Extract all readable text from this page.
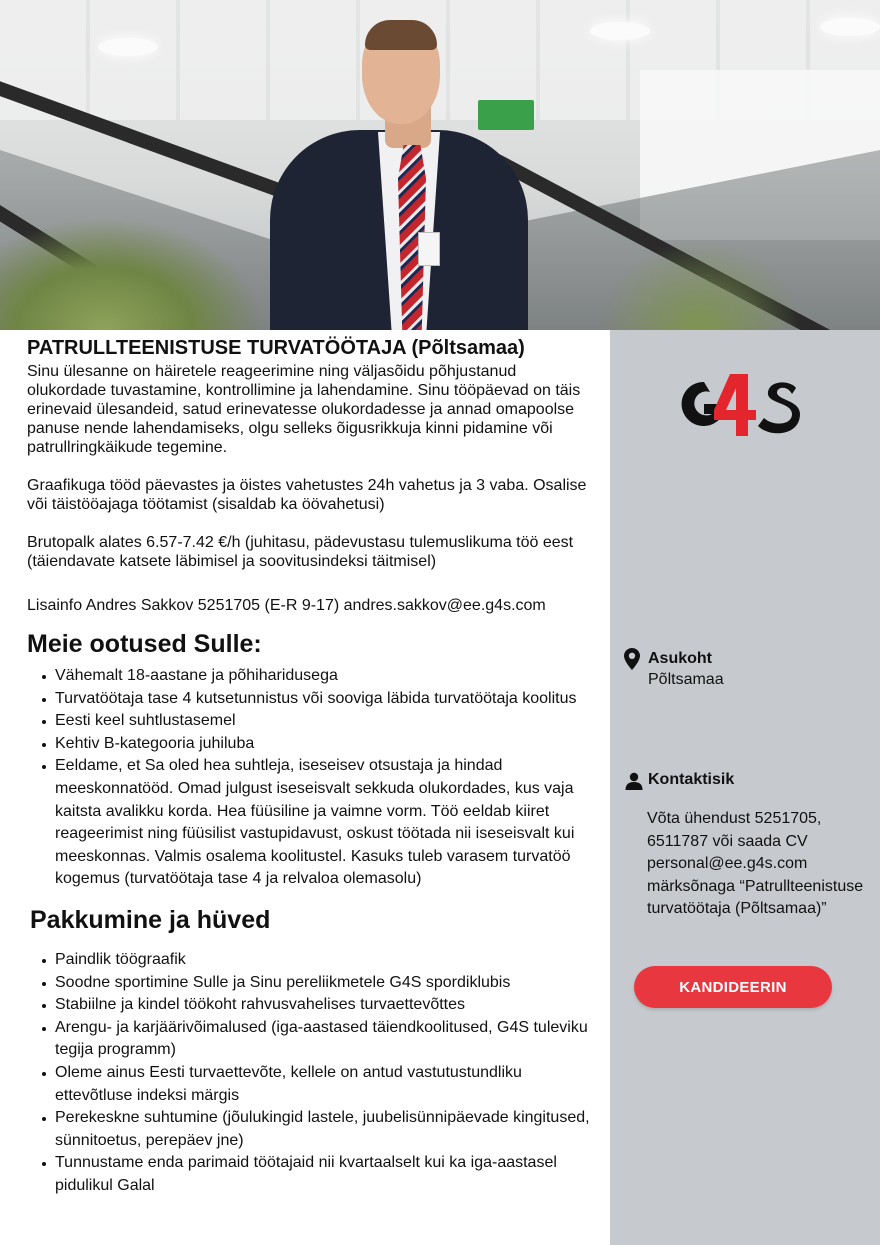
Asukoht
Põltsamaa
Kontaktisik
Võta ühendust 5251705, 6511787 või saada CV personal@ee.g4s.com märksõnaga “Patrullteenistuse turvatöötaja (Põltsamaa)”
KANDIDEERIN
PATRULLTEENISTUSE TURVATÖÖTAJA (Põltsamaa)
Sinu ülesanne on häiretele reageerimine ning väljasõidu põhjustanud olukordade tuvastamine, kontrollimine ja lahendamine. Sinu tööpäevad on täis erinevaid ülesandeid, satud erinevatesse olukordadesse ja annad omapoolse panuse nende lahendamiseks, olgu selleks õigusrikkuja kinni pidamine või patrullringkäikude tegemine.
Graafikuga tööd päevastes ja öistes vahetustes 24h vahetus ja 3 vaba. Osalise või täistööajaga töötamist (sisaldab ka öövahetusi)
Brutopalk alates 6.57-7.42 €/h (juhitasu, pädevustasu tulemuslikuma töö eest (täiendavate katsete läbimisel ja soovitusindeksi täitmisel)
Lisainfo Andres Sakkov 5251705 (E-R 9-17) andres.sakkov@ee.g4s.com
Meie ootused Sulle:
Vähemalt 18-aastane ja põhiharidusega
Turvatöötaja tase 4 kutsetunnistus või sooviga läbida turvatöötaja koolitus
Eesti keel suhtlustasemel
Kehtiv B-kategooria juhiluba
Eeldame, et Sa oled hea suhtleja, iseseisev otsustaja ja hindad meeskonnatööd. Omad julgust iseseisvalt sekkuda olukordades, kus vaja kaitsta avalikku korda. Hea füüsiline ja vaimne vorm. Töö eeldab kiiret reageerimist ning füüsilist vastupidavust, oskust töötada nii iseseisvalt kui meeskonnas. Valmis osalema koolitustel. Kasuks tuleb varasem turvatöö kogemus (turvatöötaja tase 4 ja relvaloa olemasolu)
Pakkumine ja hüved
Paindlik töögraafik
Soodne sportimine Sulle ja Sinu pereliikmetele G4S spordiklubis
Stabiilne ja kindel töökoht rahvusvahelises turvaettevõttes
Arengu- ja karjäärivõimalused (iga-aastased täiendkoolitused, G4S tuleviku tegija programm)
Oleme ainus Eesti turvaettevõte, kellele on antud vastutustundliku ettevõtluse indeksi märgis
Perekeskne suhtumine (jõulukingid lastele, juubelisünnipäevade kingitused, sünnitoetus, perepäev jne)
Tunnustame enda parimaid töötajaid nii kvartaalselt kui ka iga-aastasel pidulikul Galal
